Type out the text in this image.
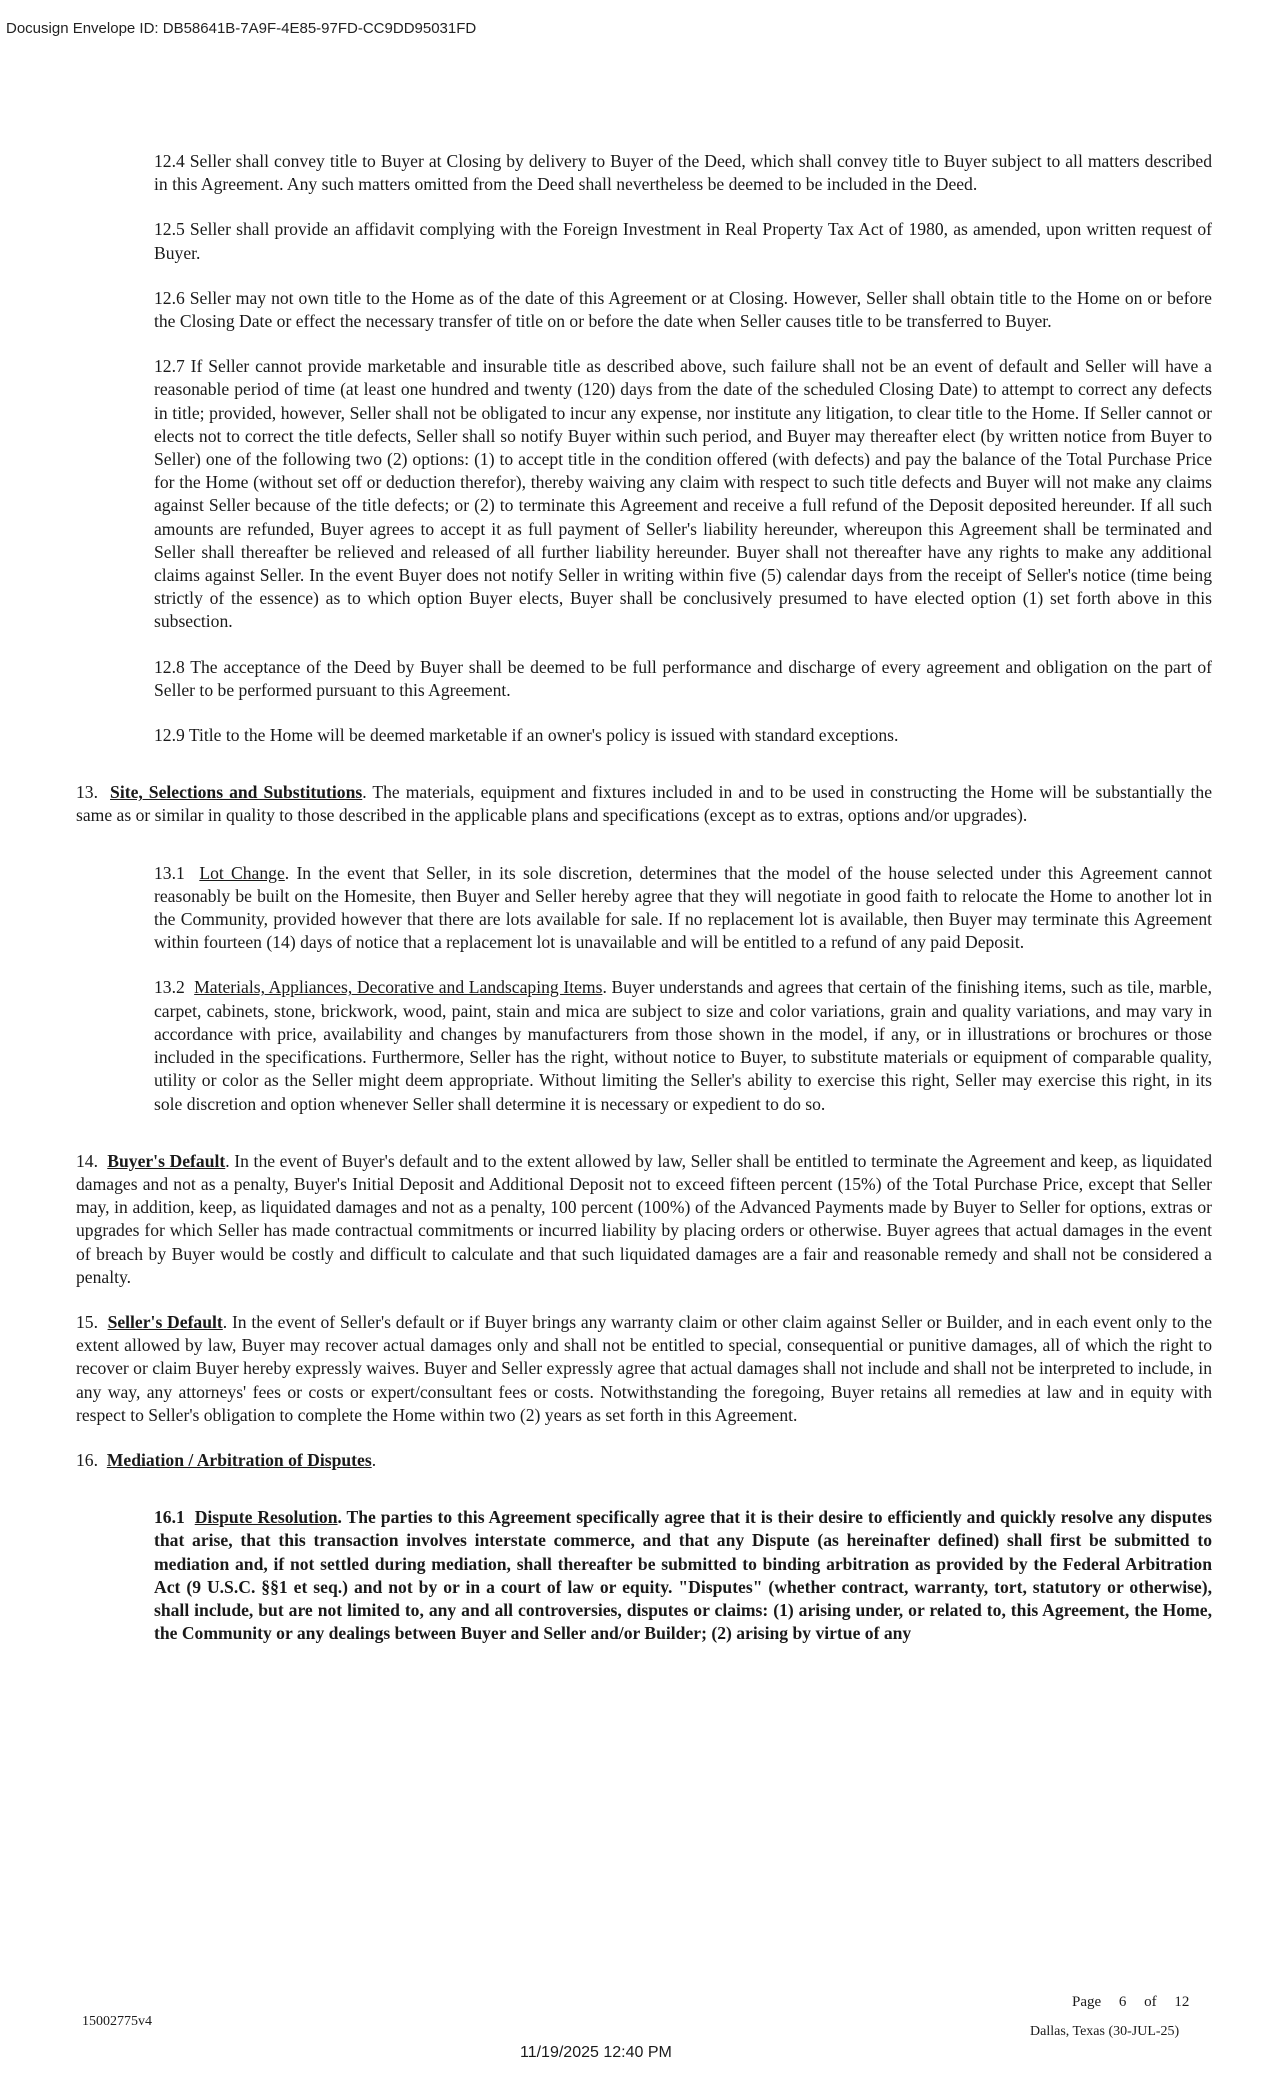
Docusign Envelope ID: DB58641B-7A9F-4E85-97FD-CC9DD95031FD

12.4 Seller shall convey title to Buyer at Closing by delivery to Buyer of the Deed, which shall convey title to Buyer subject to all matters described in this Agreement. Any such matters omitted from the Deed shall nevertheless be deemed to be included in the Deed.

12.5 Seller shall provide an affidavit complying with the Foreign Investment in Real Property Tax Act of 1980, as amended, upon written request of Buyer.

12.6 Seller may not own title to the Home as of the date of this Agreement or at Closing. However, Seller shall obtain title to the Home on or before the Closing Date or effect the necessary transfer of title on or before the date when Seller causes title to be transferred to Buyer.

12.7 If Seller cannot provide marketable and insurable title as described above, such failure shall not be an event of default and Seller will have a reasonable period of time (at least one hundred and twenty (120) days from the date of the scheduled Closing Date) to attempt to correct any defects in title; provided, however, Seller shall not be obligated to incur any expense, nor institute any litigation, to clear title to the Home. If Seller cannot or elects not to correct the title defects, Seller shall so notify Buyer within such period, and Buyer may thereafter elect (by written notice from Buyer to Seller) one of the following two (2) options: (1) to accept title in the condition offered (with defects) and pay the balance of the Total Purchase Price for the Home (without set off or deduction therefor), thereby waiving any claim with respect to such title defects and Buyer will not make any claims against Seller because of the title defects; or (2) to terminate this Agreement and receive a full refund of the Deposit deposited hereunder. If all such amounts are refunded, Buyer agrees to accept it as full payment of Seller's liability hereunder, whereupon this Agreement shall be terminated and Seller shall thereafter be relieved and released of all further liability hereunder. Buyer shall not thereafter have any rights to make any additional claims against Seller. In the event Buyer does not notify Seller in writing within five (5) calendar days from the receipt of Seller's notice (time being strictly of the essence) as to which option Buyer elects, Buyer shall be conclusively presumed to have elected option (1) set forth above in this subsection.

12.8 The acceptance of the Deed by Buyer shall be deemed to be full performance and discharge of every agreement and obligation on the part of Seller to be performed pursuant to this Agreement.

12.9 Title to the Home will be deemed marketable if an owner's policy is issued with standard exceptions.

13. Site, Selections and Substitutions. The materials, equipment and fixtures included in and to be used in constructing the Home will be substantially the same as or similar in quality to those described in the applicable plans and specifications (except as to extras, options and/or upgrades).

13.1 Lot Change. In the event that Seller, in its sole discretion, determines that the model of the house selected under this Agreement cannot reasonably be built on the Homesite, then Buyer and Seller hereby agree that they will negotiate in good faith to relocate the Home to another lot in the Community, provided however that there are lots available for sale. If no replacement lot is available, then Buyer may terminate this Agreement within fourteen (14) days of notice that a replacement lot is unavailable and will be entitled to a refund of any paid Deposit.

13.2 Materials, Appliances, Decorative and Landscaping Items. Buyer understands and agrees that certain of the finishing items, such as tile, marble, carpet, cabinets, stone, brickwork, wood, paint, stain and mica are subject to size and color variations, grain and quality variations, and may vary in accordance with price, availability and changes by manufacturers from those shown in the model, if any, or in illustrations or brochures or those included in the specifications. Furthermore, Seller has the right, without notice to Buyer, to substitute materials or equipment of comparable quality, utility or color as the Seller might deem appropriate. Without limiting the Seller's ability to exercise this right, Seller may exercise this right, in its sole discretion and option whenever Seller shall determine it is necessary or expedient to do so.

14. Buyer's Default. In the event of Buyer's default and to the extent allowed by law, Seller shall be entitled to terminate the Agreement and keep, as liquidated damages and not as a penalty, Buyer's Initial Deposit and Additional Deposit not to exceed fifteen percent (15%) of the Total Purchase Price, except that Seller may, in addition, keep, as liquidated damages and not as a penalty, 100 percent (100%) of the Advanced Payments made by Buyer to Seller for options, extras or upgrades for which Seller has made contractual commitments or incurred liability by placing orders or otherwise. Buyer agrees that actual damages in the event of breach by Buyer would be costly and difficult to calculate and that such liquidated damages are a fair and reasonable remedy and shall not be considered a penalty.

15. Seller's Default. In the event of Seller's default or if Buyer brings any warranty claim or other claim against Seller or Builder, and in each event only to the extent allowed by law, Buyer may recover actual damages only and shall not be entitled to special, consequential or punitive damages, all of which the right to recover or claim Buyer hereby expressly waives. Buyer and Seller expressly agree that actual damages shall not include and shall not be interpreted to include, in any way, any attorneys' fees or costs or expert/consultant fees or costs. Notwithstanding the foregoing, Buyer retains all remedies at law and in equity with respect to Seller's obligation to complete the Home within two (2) years as set forth in this Agreement.

16. Mediation / Arbitration of Disputes.

16.1 Dispute Resolution. The parties to this Agreement specifically agree that it is their desire to efficiently and quickly resolve any disputes that arise, that this transaction involves interstate commerce, and that any Dispute (as hereinafter defined) shall first be submitted to mediation and, if not settled during mediation, shall thereafter be submitted to binding arbitration as provided by the Federal Arbitration Act (9 U.S.C. §§1 et seq.) and not by or in a court of law or equity. "Disputes" (whether contract, warranty, tort, statutory or otherwise), shall include, but are not limited to, any and all controversies, disputes or claims: (1) arising under, or related to, this Agreement, the Home, the Community or any dealings between Buyer and Seller and/or Builder; (2) arising by virtue of any

15002775v4
Page 6 of 12
Dallas, Texas (30-JUL-25)
11/19/2025 12:40 PM
